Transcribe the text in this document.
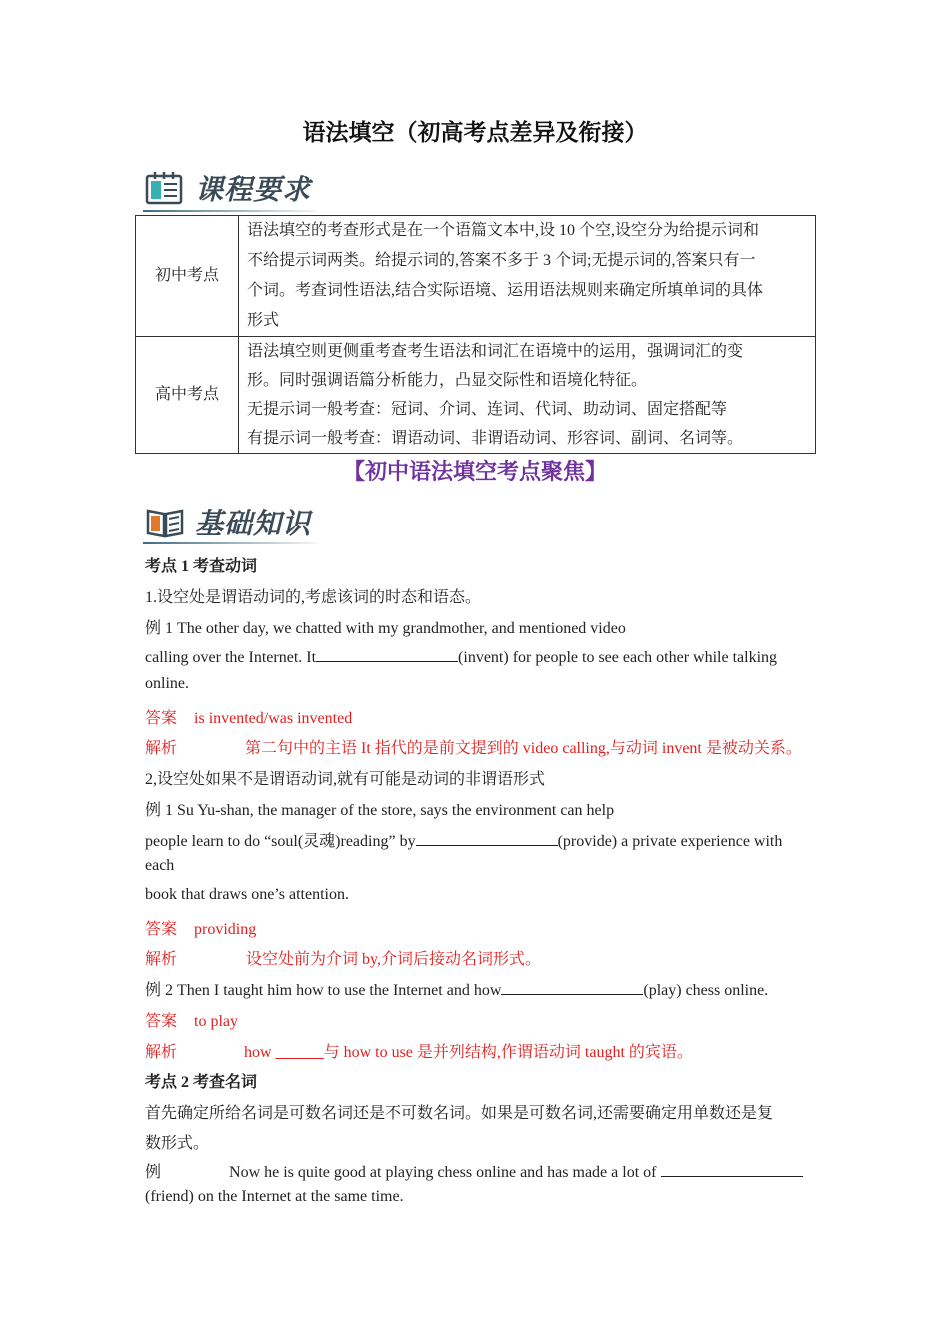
语法填空（初高考点差异及衔接）
课程要求
初中考点	语法填空的考查形式是在一个语篇文本中,设 10 个空,设空分为给提示词和
不给提示词两类。给提示词的,答案不多于 3 个词;无提示词的,答案只有一
个词。考查词性语法,结合实际语境、运用语法规则来确定所填单词的具体
形式

高中考点	语法填空则更侧重考查考生语法和词汇在语境中的运用，强调词汇的变
形。同时强调语篇分析能力，凸显交际性和语境化特征。
无提示词一般考查：冠词、介词、连词、代词、助动词、固定搭配等
有提示词一般考查：谓语动词、非谓语动词、形容词、副词、名词等。
【初中语法填空考点聚焦】
基础知识
考点 1 考查动词
1.设空处是谓语动词的,考虑该词的时态和语态。
例 1 The other day, we chatted with my grandmother, and mentioned video
calling over the Internet. It	(invent) for people to see each other while talking
online.
答案 is invented/was invented
解析	第二句中的主语 It 指代的是前文提到的 video calling,与动词 invent 是被动关系。
2,设空处如果不是谓语动词,就有可能是动词的非谓语形式
例 1 Su Yu-shan, the manager of the store, says the environment can help
people learn to do “soul(灵魂)reading” by	(provide) a private experience with
each
book that draws one’s attention.
答案 providing
解析	设空处前为介词 by,介词后接动名词形式。
例 2 Then I taught him how to use the Internet and how	(play) chess online.
答案 to play
解析	how ______与 how to use 是并列结构,作谓语动词 taught 的宾语。
考点 2 考查名词
首先确定所给名词是可数名词还是不可数名词。如果是可数名词,还需要确定用单数还是复
数形式。
例	Now he is quite good at playing chess online and has made a lot of
(friend) on the Internet at the same time.
